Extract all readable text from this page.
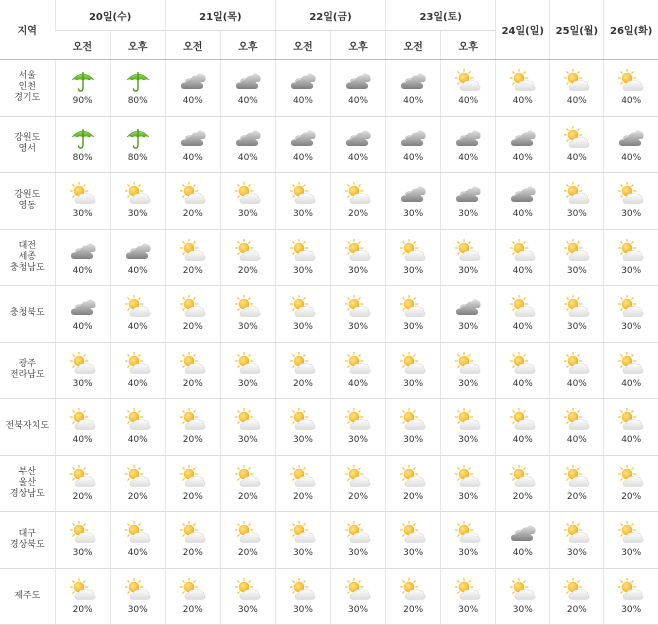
지역	20일(수)		21일(목)		22일(금)		23일(토)		24일(일)	25일(월)	26일(화)
	오전	오후	오전	오후	오전	오후	오전	오후			

서울
인천
경기도	90%	80%	40%	40%	40%	40%	40%	40%	40%	40%	40%

강원도
영서	80%	80%	40%	40%	40%	40%	40%	40%	40%	40%	40%

강원도
영동	30%	30%	20%	30%	30%	20%	30%	30%	40%	30%	30%

대전
세종
충청남도	40%	40%	20%	20%	30%	30%	30%	30%	40%	30%	30%

충청북도	40%	40%	20%	30%	30%	30%	30%	30%	40%	30%	30%

광주
전라남도	30%	40%	20%	30%	20%	40%	30%	30%	40%	40%	40%

전북자치도	40%	40%	20%	30%	30%	30%	30%	30%	40%	40%	40%

부산
울산
경상남도	20%	20%	20%	20%	20%	20%	20%	30%	20%	20%	20%

대구
경상북도	30%	40%	20%	20%	30%	30%	30%	30%	40%	30%	30%

제주도	20%	30%	20%	30%	30%	30%	20%	30%	30%	20%	30%
